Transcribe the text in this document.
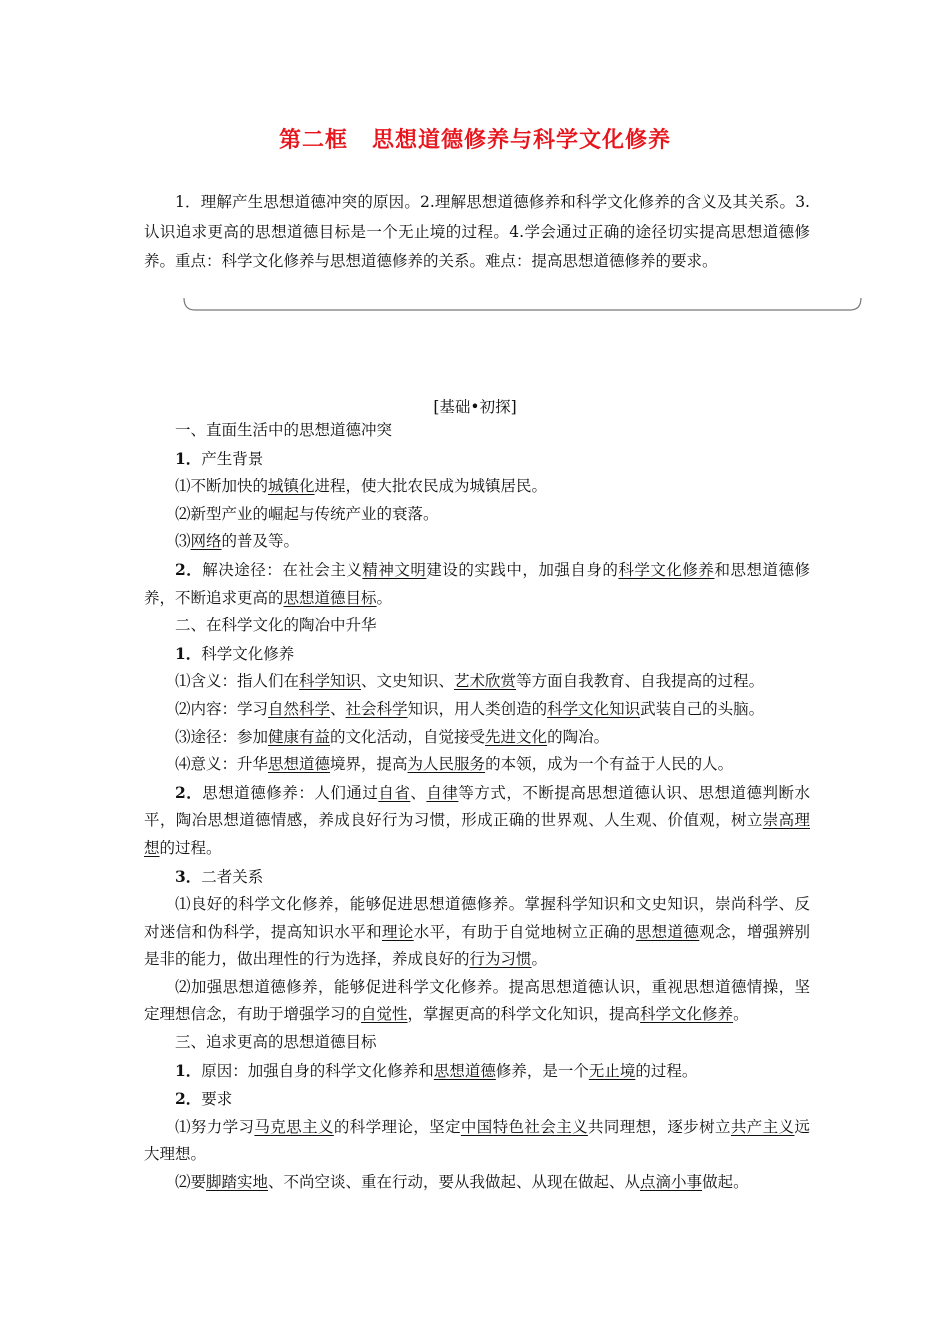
第二框 思想道德修养与科学文化修养

1．理解产生思想道德冲突的原因。2.理解思想道德修养和科学文化修养的含义及其关系。3.认识追求更高的思想道德目标是一个无止境的过程。4.学会通过正确的途径切实提高思想道德修养。重点：科学文化修养与思想道德修养的关系。难点：提高思想道德修养的要求。

[基础•初探]

一、直面生活中的思想道德冲突

1．产生背景

⑴不断加快的城镇化进程，使大批农民成为城镇居民。

⑵新型产业的崛起与传统产业的衰落。

⑶网络的普及等。

2．解决途径：在社会主义精神文明建设的实践中，加强自身的科学文化修养和思想道德修养，不断追求更高的思想道德目标。

二、在科学文化的陶冶中升华

1．科学文化修养

⑴含义：指人们在科学知识、文史知识、艺术欣赏等方面自我教育、自我提高的过程。

⑵内容：学习自然科学、社会科学知识，用人类创造的科学文化知识武装自己的头脑。

⑶途径：参加健康有益的文化活动，自觉接受先进文化的陶冶。

⑷意义：升华思想道德境界，提高为人民服务的本领，成为一个有益于人民的人。

2．思想道德修养：人们通过自省、自律等方式，不断提高思想道德认识、思想道德判断水平，陶冶思想道德情感，养成良好行为习惯，形成正确的世界观、人生观、价值观，树立崇高理想的过程。

3．二者关系

⑴良好的科学文化修养，能够促进思想道德修养。掌握科学知识和文史知识，崇尚科学、反对迷信和伪科学，提高知识水平和理论水平，有助于自觉地树立正确的思想道德观念，增强辨别是非的能力，做出理性的行为选择，养成良好的行为习惯。

⑵加强思想道德修养，能够促进科学文化修养。提高思想道德认识，重视思想道德情操，坚定理想信念，有助于增强学习的自觉性，掌握更高的科学文化知识，提高科学文化修养。

三、追求更高的思想道德目标

1．原因：加强自身的科学文化修养和思想道德修养，是一个无止境的过程。

2．要求

⑴努力学习马克思主义的科学理论，坚定中国特色社会主义共同理想，逐步树立共产主义远大理想。

⑵要脚踏实地、不尚空谈、重在行动，要从我做起、从现在做起、从点滴小事做起。
